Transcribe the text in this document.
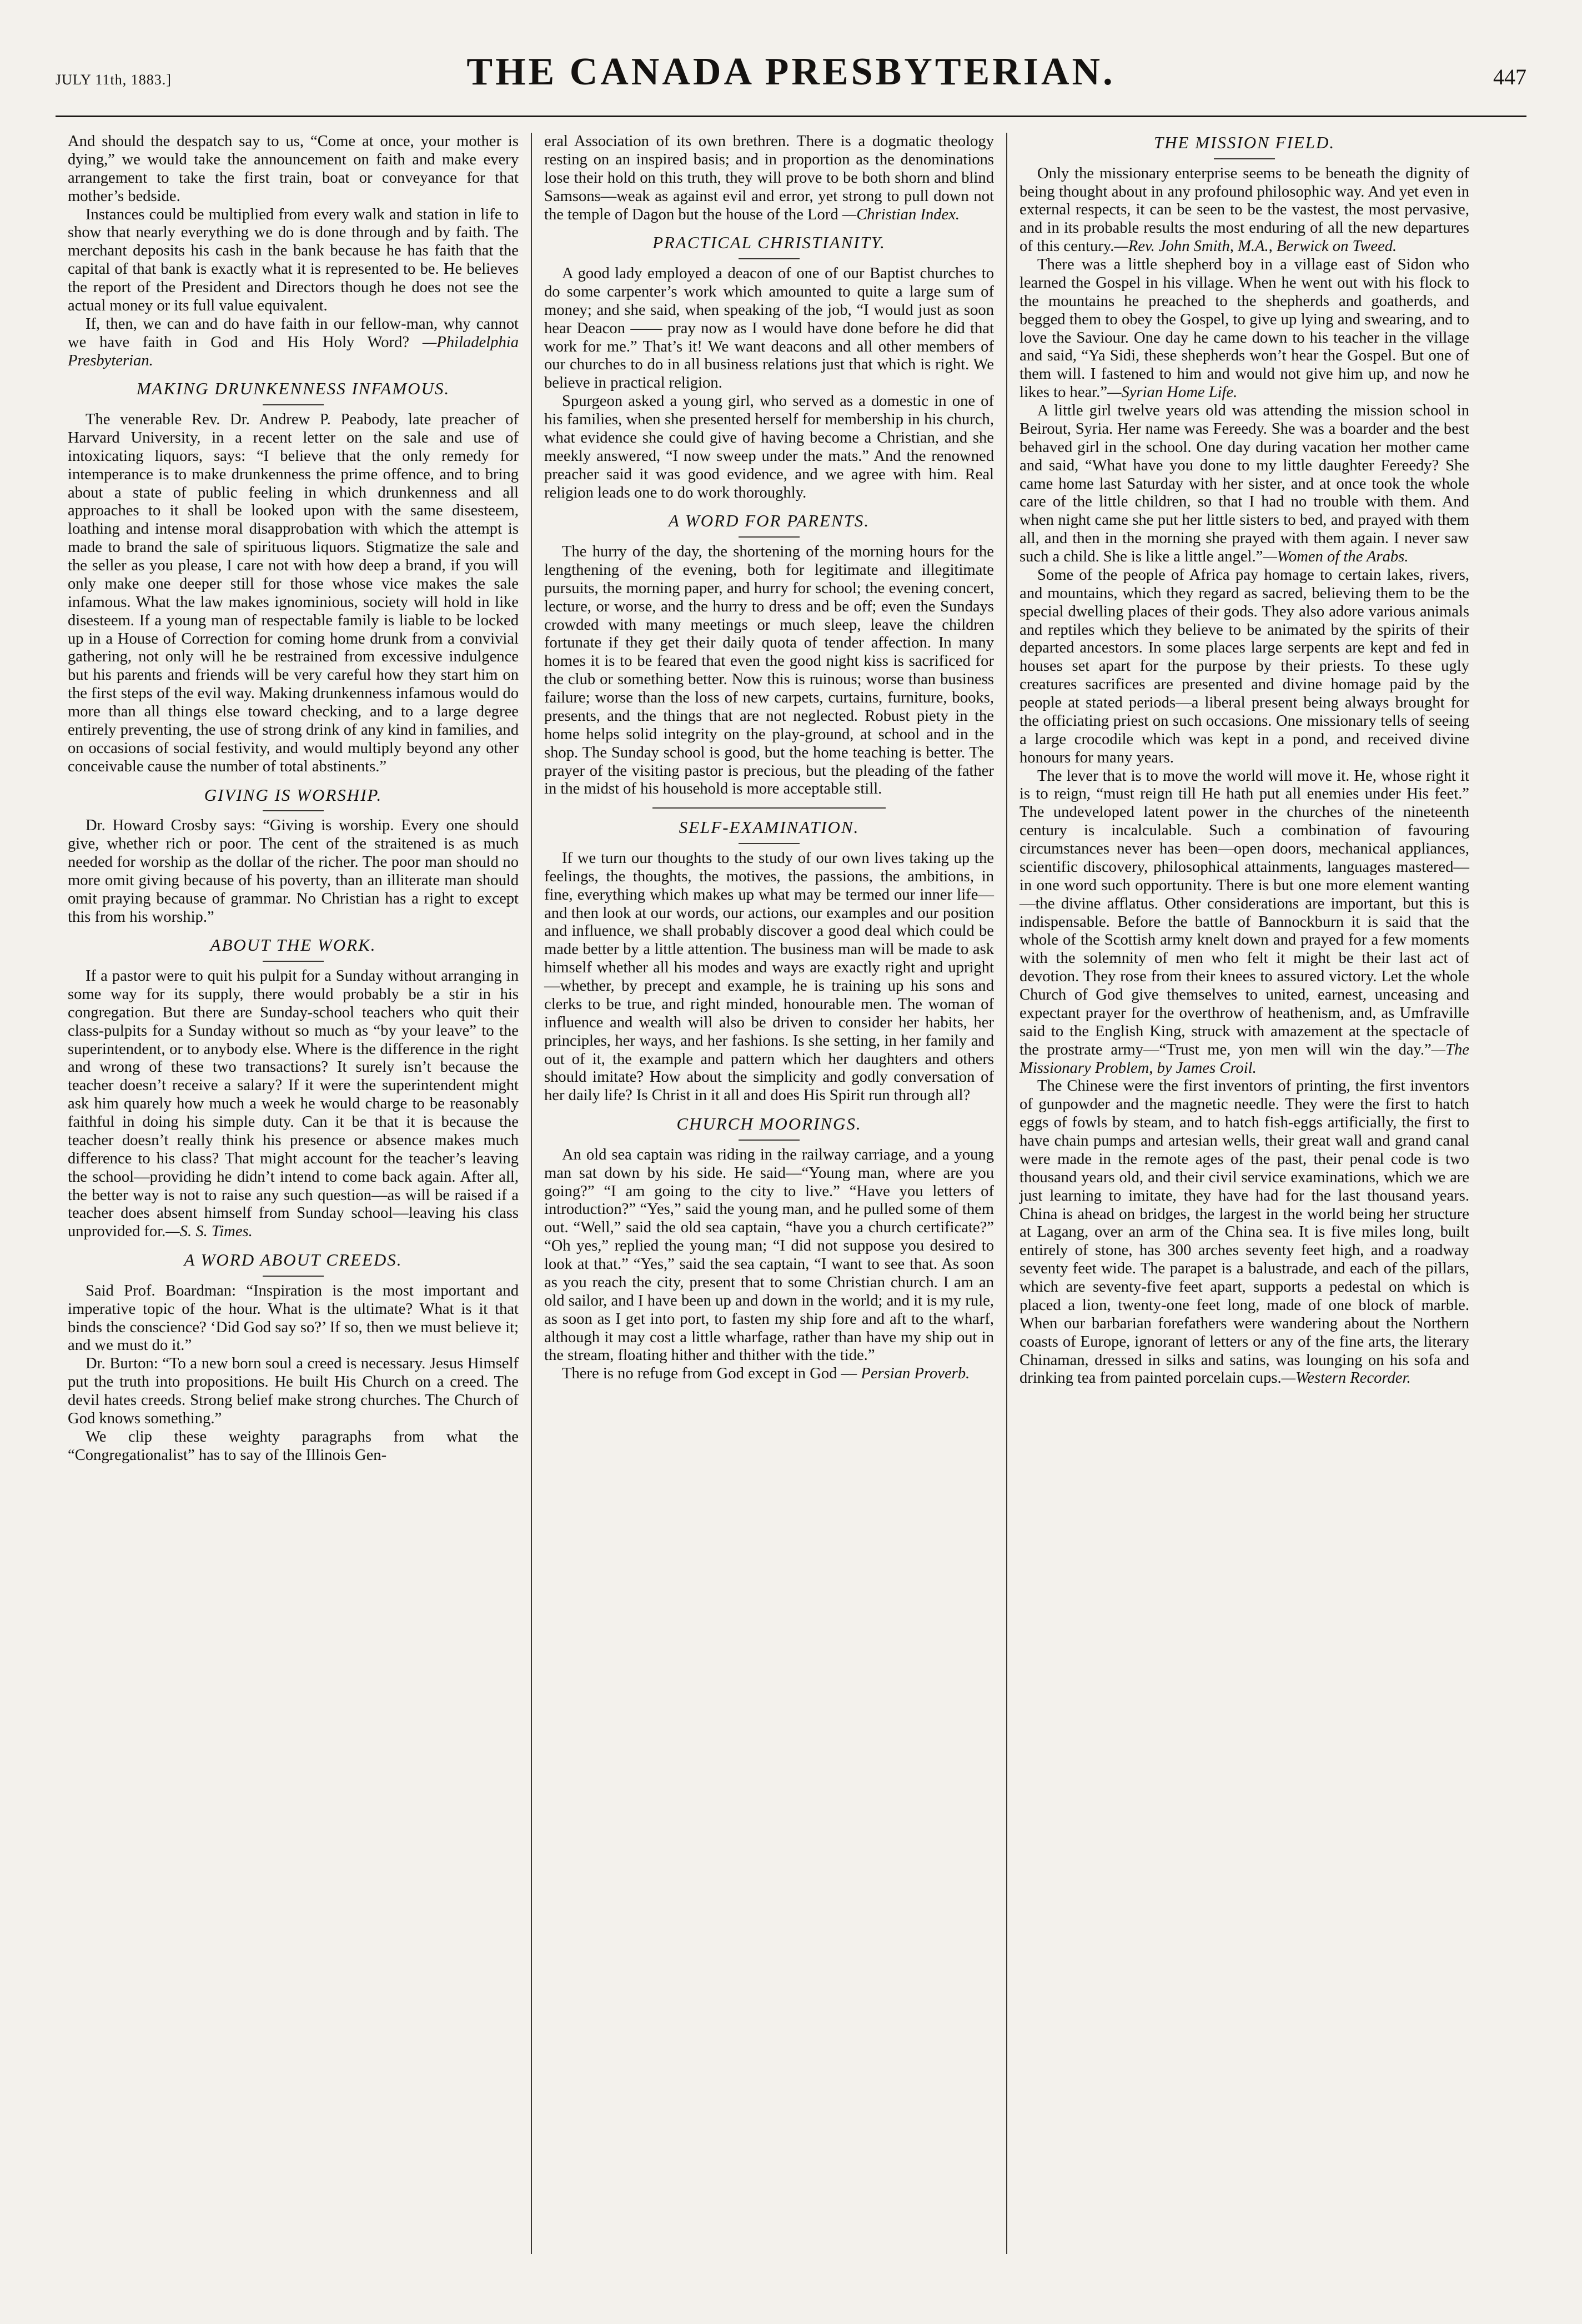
JULY 11th, 1883.]	THE CANADA PRESBYTERIAN.	447

And should the despatch say to us, “Come at once, your mother is dying,” we would take the announcement on faith and make every arrangement to take the first train, boat or conveyance for that mother’s bedside.

Instances could be multiplied from every walk and station in life to show that nearly everything we do is done through and by faith. The merchant deposits his cash in the bank because he has faith that the capital of that bank is exactly what it is represented to be. He believes the report of the President and Directors though he does not see the actual money or its full value equivalent.

If, then, we can and do have faith in our fellow-man, why cannot we have faith in God and His Holy Word? —Philadelphia Presbyterian.

MAKING DRUNKENNESS INFAMOUS.

The venerable Rev. Dr. Andrew P. Peabody, late preacher of Harvard University, in a recent letter on the sale and use of intoxicating liquors, says: “I believe that the only remedy for intemperance is to make drunkenness the prime offence, and to bring about a state of public feeling in which drunkenness and all approaches to it shall be looked upon with the same disesteem, loathing and intense moral disapprobation with which the attempt is made to brand the sale of spirituous liquors. Stigmatize the sale and the seller as you please, I care not with how deep a brand, if you will only make one deeper still for those whose vice makes the sale infamous. What the law makes ignominious, society will hold in like disesteem. If a young man of respectable family is liable to be locked up in a House of Correction for coming home drunk from a convivial gathering, not only will he be restrained from excessive indulgence but his parents and friends will be very careful how they start him on the first steps of the evil way. Making drunkenness infamous would do more than all things else toward checking, and to a large degree entirely preventing, the use of strong drink of any kind in families, and on occasions of social festivity, and would multiply beyond any other conceivable cause the number of total abstinents.”

GIVING IS WORSHIP.

Dr. Howard Crosby says: “Giving is worship. Every one should give, whether rich or poor. The cent of the straitened is as much needed for worship as the dollar of the richer. The poor man should no more omit giving because of his poverty, than an illiterate man should omit praying because of grammar. No Christian has a right to except this from his worship.”

ABOUT THE WORK.

If a pastor were to quit his pulpit for a Sunday without arranging in some way for its supply, there would probably be a stir in his congregation. But there are Sunday-school teachers who quit their class-pulpits for a Sunday without so much as “by your leave” to the superintendent, or to anybody else. Where is the difference in the right and wrong of these two transactions? It surely isn’t because the teacher doesn’t receive a salary? If it were the superintendent might ask him quarely how much a week he would charge to be reasonably faithful in doing his simple duty. Can it be that it is because the teacher doesn’t really think his presence or absence makes much difference to his class? That might account for the teacher’s leaving the school—providing he didn’t intend to come back again. After all, the better way is not to raise any such question—as will be raised if a teacher does absent himself from Sunday school—leaving his class unprovided for.—S. S. Times.

A WORD ABOUT CREEDS.

Said Prof. Boardman: “Inspiration is the most important and imperative topic of the hour. What is the ultimate? What is it that binds the conscience? ‘Did God say so?’ If so, then we must believe it; and we must do it.”

Dr. Burton: “To a new born soul a creed is necessary. Jesus Himself put the truth into propositions. He built His Church on a creed. The devil hates creeds. Strong belief make strong churches. The Church of God knows something.”

We clip these weighty paragraphs from what the “Congregationalist” has to say of the Illinois Gen-

eral Association of its own brethren. There is a dogmatic theology resting on an inspired basis; and in proportion as the denominations lose their hold on this truth, they will prove to be both shorn and blind Samsons—weak as against evil and error, yet strong to pull down not the temple of Dagon but the house of the Lord —Christian Index.

PRACTICAL CHRISTIANITY.

A good lady employed a deacon of one of our Baptist churches to do some carpenter’s work which amounted to quite a large sum of money; and she said, when speaking of the job, “I would just as soon hear Deacon —— pray now as I would have done before he did that work for me.” That’s it! We want deacons and all other members of our churches to do in all business relations just that which is right. We believe in practical religion.

Spurgeon asked a young girl, who served as a domestic in one of his families, when she presented herself for membership in his church, what evidence she could give of having become a Christian, and she meekly answered, “I now sweep under the mats.” And the renowned preacher said it was good evidence, and we agree with him. Real religion leads one to do work thoroughly.

A WORD FOR PARENTS.

The hurry of the day, the shortening of the morning hours for the lengthening of the evening, both for legitimate and illegitimate pursuits, the morning paper, and hurry for school; the evening concert, lecture, or worse, and the hurry to dress and be off; even the Sundays crowded with many meetings or much sleep, leave the children fortunate if they get their daily quota of tender affection. In many homes it is to be feared that even the good night kiss is sacrificed for the club or something better. Now this is ruinous; worse than business failure; worse than the loss of new carpets, curtains, furniture, books, presents, and the things that are not neglected. Robust piety in the home helps solid integrity on the play-ground, at school and in the shop. The Sunday school is good, but the home teaching is better. The prayer of the visiting pastor is precious, but the pleading of the father in the midst of his household is more acceptable still.

SELF-EXAMINATION.

If we turn our thoughts to the study of our own lives taking up the feelings, the thoughts, the motives, the passions, the ambitions, in fine, everything which makes up what may be termed our inner life—and then look at our words, our actions, our examples and our position and influence, we shall probably discover a good deal which could be made better by a little attention. The business man will be made to ask himself whether all his modes and ways are exactly right and upright—whether, by precept and example, he is training up his sons and clerks to be true, and right minded, honourable men. The woman of influence and wealth will also be driven to consider her habits, her principles, her ways, and her fashions. Is she setting, in her family and out of it, the example and pattern which her daughters and others should imitate? How about the simplicity and godly conversation of her daily life? Is Christ in it all and does His Spirit run through all?

CHURCH MOORINGS.

An old sea captain was riding in the railway carriage, and a young man sat down by his side. He said—“Young man, where are you going?” “I am going to the city to live.” “Have you letters of introduction?” “Yes,” said the young man, and he pulled some of them out. “Well,” said the old sea captain, “have you a church certificate?” “Oh yes,” replied the young man; “I did not suppose you desired to look at that.” “Yes,” said the sea captain, “I want to see that. As soon as you reach the city, present that to some Christian church. I am an old sailor, and I have been up and down in the world; and it is my rule, as soon as I get into port, to fasten my ship fore and aft to the wharf, although it may cost a little wharfage, rather than have my ship out in the stream, floating hither and thither with the tide.”

There is no refuge from God except in God — Persian Proverb.

THE MISSION FIELD.

Only the missionary enterprise seems to be beneath the dignity of being thought about in any profound philosophic way. And yet even in external respects, it can be seen to be the vastest, the most pervasive, and in its probable results the most enduring of all the new departures of this century.—Rev. John Smith, M.A., Berwick on Tweed.

There was a little shepherd boy in a village east of Sidon who learned the Gospel in his village. When he went out with his flock to the mountains he preached to the shepherds and goatherds, and begged them to obey the Gospel, to give up lying and swearing, and to love the Saviour. One day he came down to his teacher in the village and said, “Ya Sidi, these shepherds won’t hear the Gospel. But one of them will. I fastened to him and would not give him up, and now he likes to hear.”—Syrian Home Life.

A little girl twelve years old was attending the mission school in Beirout, Syria. Her name was Fereedy. She was a boarder and the best behaved girl in the school. One day during vacation her mother came and said, “What have you done to my little daughter Fereedy? She came home last Saturday with her sister, and at once took the whole care of the little children, so that I had no trouble with them. And when night came she put her little sisters to bed, and prayed with them all, and then in the morning she prayed with them again. I never saw such a child. She is like a little angel.”—Women of the Arabs.

Some of the people of Africa pay homage to certain lakes, rivers, and mountains, which they regard as sacred, believing them to be the special dwelling places of their gods. They also adore various animals and reptiles which they believe to be animated by the spirits of their departed ancestors. In some places large serpents are kept and fed in houses set apart for the purpose by their priests. To these ugly creatures sacrifices are presented and divine homage paid by the people at stated periods—a liberal present being always brought for the officiating priest on such occasions. One missionary tells of seeing a large crocodile which was kept in a pond, and received divine honours for many years.

The lever that is to move the world will move it. He, whose right it is to reign, “must reign till He hath put all enemies under His feet.” The undeveloped latent power in the churches of the nineteenth century is incalculable. Such a combination of favouring circumstances never has been—open doors, mechanical appliances, scientific discovery, philosophical attainments, languages mastered—in one word such opportunity. There is but one more element wanting—the divine afflatus. Other considerations are important, but this is indispensable. Before the battle of Bannockburn it is said that the whole of the Scottish army knelt down and prayed for a few moments with the solemnity of men who felt it might be their last act of devotion. They rose from their knees to assured victory. Let the whole Church of God give themselves to united, earnest, unceasing and expectant prayer for the overthrow of heathenism, and, as Umfraville said to the English King, struck with amazement at the spectacle of the prostrate army—“Trust me, yon men will win the day.”—The Missionary Problem, by James Croil.

The Chinese were the first inventors of printing, the first inventors of gunpowder and the magnetic needle. They were the first to hatch eggs of fowls by steam, and to hatch fish-eggs artificially, the first to have chain pumps and artesian wells, their great wall and grand canal were made in the remote ages of the past, their penal code is two thousand years old, and their civil service examinations, which we are just learning to imitate, they have had for the last thousand years. China is ahead on bridges, the largest in the world being her structure at Lagang, over an arm of the China sea. It is five miles long, built entirely of stone, has 300 arches seventy feet high, and a roadway seventy feet wide. The parapet is a balustrade, and each of the pillars, which are seventy-five feet apart, supports a pedestal on which is placed a lion, twenty-one feet long, made of one block of marble. When our barbarian forefathers were wandering about the Northern coasts of Europe, ignorant of letters or any of the fine arts, the literary Chinaman, dressed in silks and satins, was lounging on his sofa and drinking tea from painted porcelain cups.—Western Recorder.
